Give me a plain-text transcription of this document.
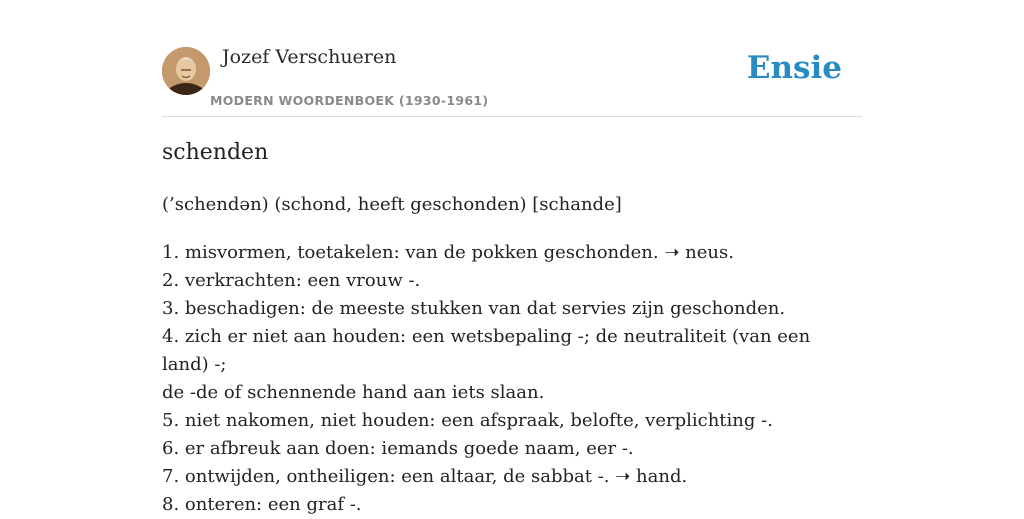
Jozef Verschueren
MODERN WOORDENBOEK (1930-1961)
Ensie
schenden
(’schendən) (schond, heeft geschonden) [schande]
1. misvormen, toetakelen: van de pokken geschonden. ➝ neus.
2. verkrachten: een vrouw -.
3. beschadigen: de meeste stukken van dat servies zijn geschonden.
4. zich er niet aan houden: een wetsbepaling -; de neutraliteit (van een land) -;
de -de of schennende hand aan iets slaan.
5. niet nakomen, niet houden: een afspraak, belofte, verplichting -.
6. er afbreuk aan doen: iemands goede naam, eer -.
7. ontwijden, ontheiligen: een altaar, de sabbat -. ➝ hand.
8. onteren: een graf -.
